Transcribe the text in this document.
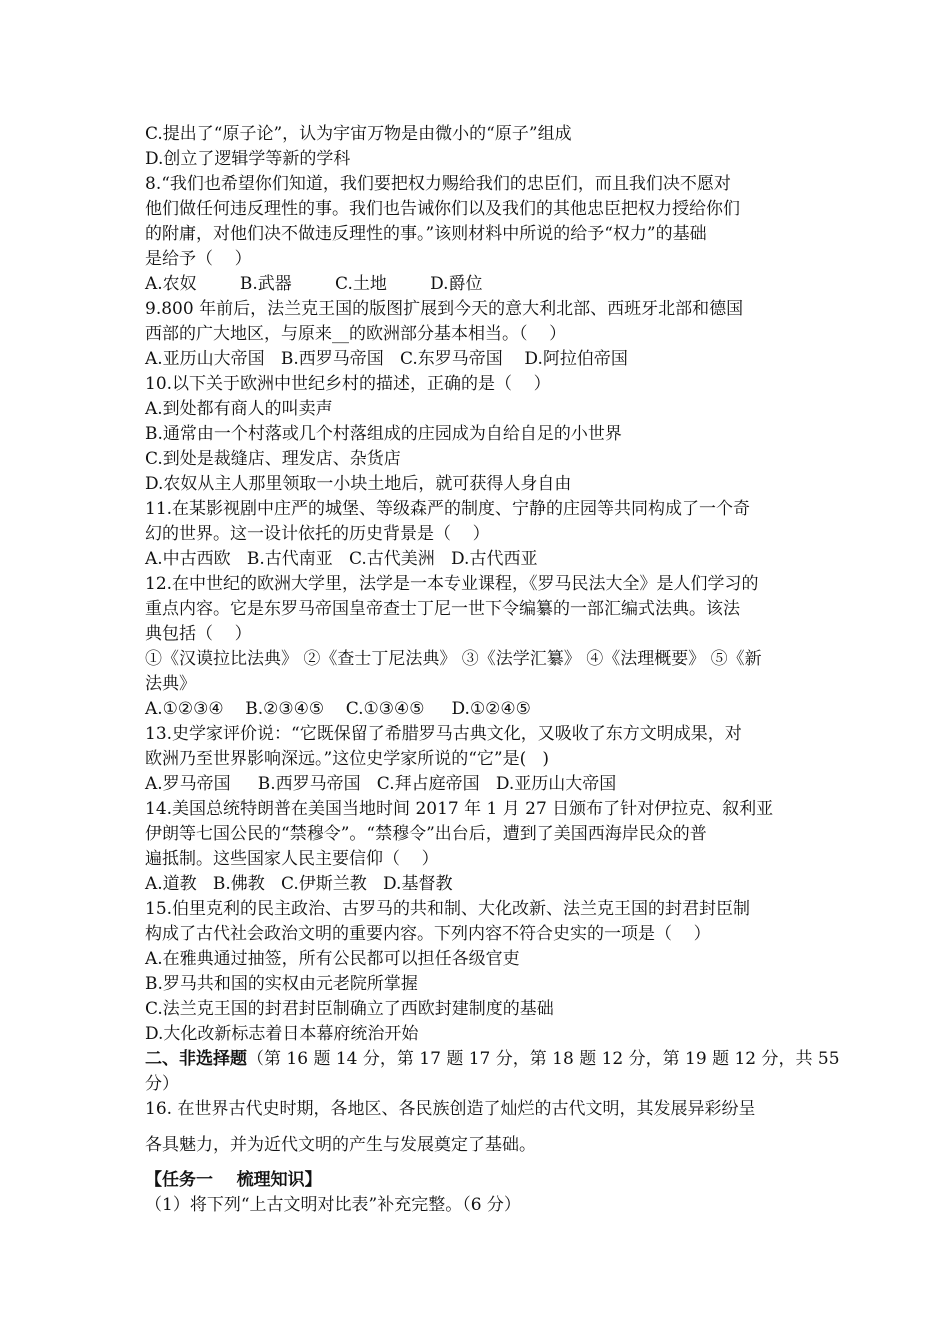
C.提出了“原子论”，认为宇宙万物是由微小的“原子”组成
D.创立了逻辑学等新的学科
8.“我们也希望你们知道，我们要把权力赐给我们的忠臣们，而且我们决不愿对
他们做任何违反理性的事。我们也告诫你们以及我们的其他忠臣把权力授给你们
的附庸，对他们决不做违反理性的事。”该则材料中所说的给予“权力”的基础
是给予（    ）
A.农奴        B.武器        C.土地        D.爵位
9.800 年前后，法兰克王国的版图扩展到今天的意大利北部、西班牙北部和德国
西部的广大地区，与原来__的欧洲部分基本相当。（    ）
A.亚历山大帝国   B.西罗马帝国   C.东罗马帝国    D.阿拉伯帝国
10.以下关于欧洲中世纪乡村的描述，正确的是（    ）
A.到处都有商人的叫卖声
B.通常由一个村落或几个村落组成的庄园成为自给自足的小世界
C.到处是裁缝店、理发店、杂货店
D.农奴从主人那里领取一小块土地后，就可获得人身自由
11.在某影视剧中庄严的城堡、等级森严的制度、宁静的庄园等共同构成了一个奇
幻的世界。这一设计依托的历史背景是（    ）
A.中古西欧   B.古代南亚   C.古代美洲   D.古代西亚
12.在中世纪的欧洲大学里，法学是一本专业课程，《罗马民法大全》是人们学习的
重点内容。它是东罗马帝国皇帝查士丁尼一世下令编纂的一部汇编式法典。该法
典包括（    ）
①《汉谟拉比法典》 ②《查士丁尼法典》 ③《法学汇纂》 ④《法理概要》 ⑤《新
法典》
A.①②③④    B.②③④⑤    C.①③④⑤     D.①②④⑤
13.史学家评价说：“它既保留了希腊罗马古典文化，又吸收了东方文明成果，对
欧洲乃至世界影响深远。”这位史学家所说的“它”是(   )
A.罗马帝国     B.西罗马帝国   C.拜占庭帝国   D.亚历山大帝国
14.美国总统特朗普在美国当地时间 2017 年 1 月 27 日颁布了针对伊拉克、叙利亚
伊朗等七国公民的“禁穆令”。“禁穆令”出台后，遭到了美国西海岸民众的普
遍抵制。这些国家人民主要信仰（    ）
A.道教   B.佛教   C.伊斯兰教   D.基督教
15.伯里克利的民主政治、古罗马的共和制、大化改新、法兰克王国的封君封臣制
构成了古代社会政治文明的重要内容。下列内容不符合史实的一项是（    ）
A.在雅典通过抽签，所有公民都可以担任各级官吏
B.罗马共和国的实权由元老院所掌握
C.法兰克王国的封君封臣制确立了西欧封建制度的基础
D.大化改新标志着日本幕府统治开始
二、非选择题（第 16 题 14 分，第 17 题 17 分，第 18 题 12 分，第 19 题 12 分，共 55
分）
16. 在世界古代史时期，各地区、各民族创造了灿烂的古代文明，其发展异彩纷呈
各具魅力，并为近代文明的产生与发展奠定了基础。
【任务一    梳理知识】
（1）将下列“上古文明对比表”补充完整。（6 分）
